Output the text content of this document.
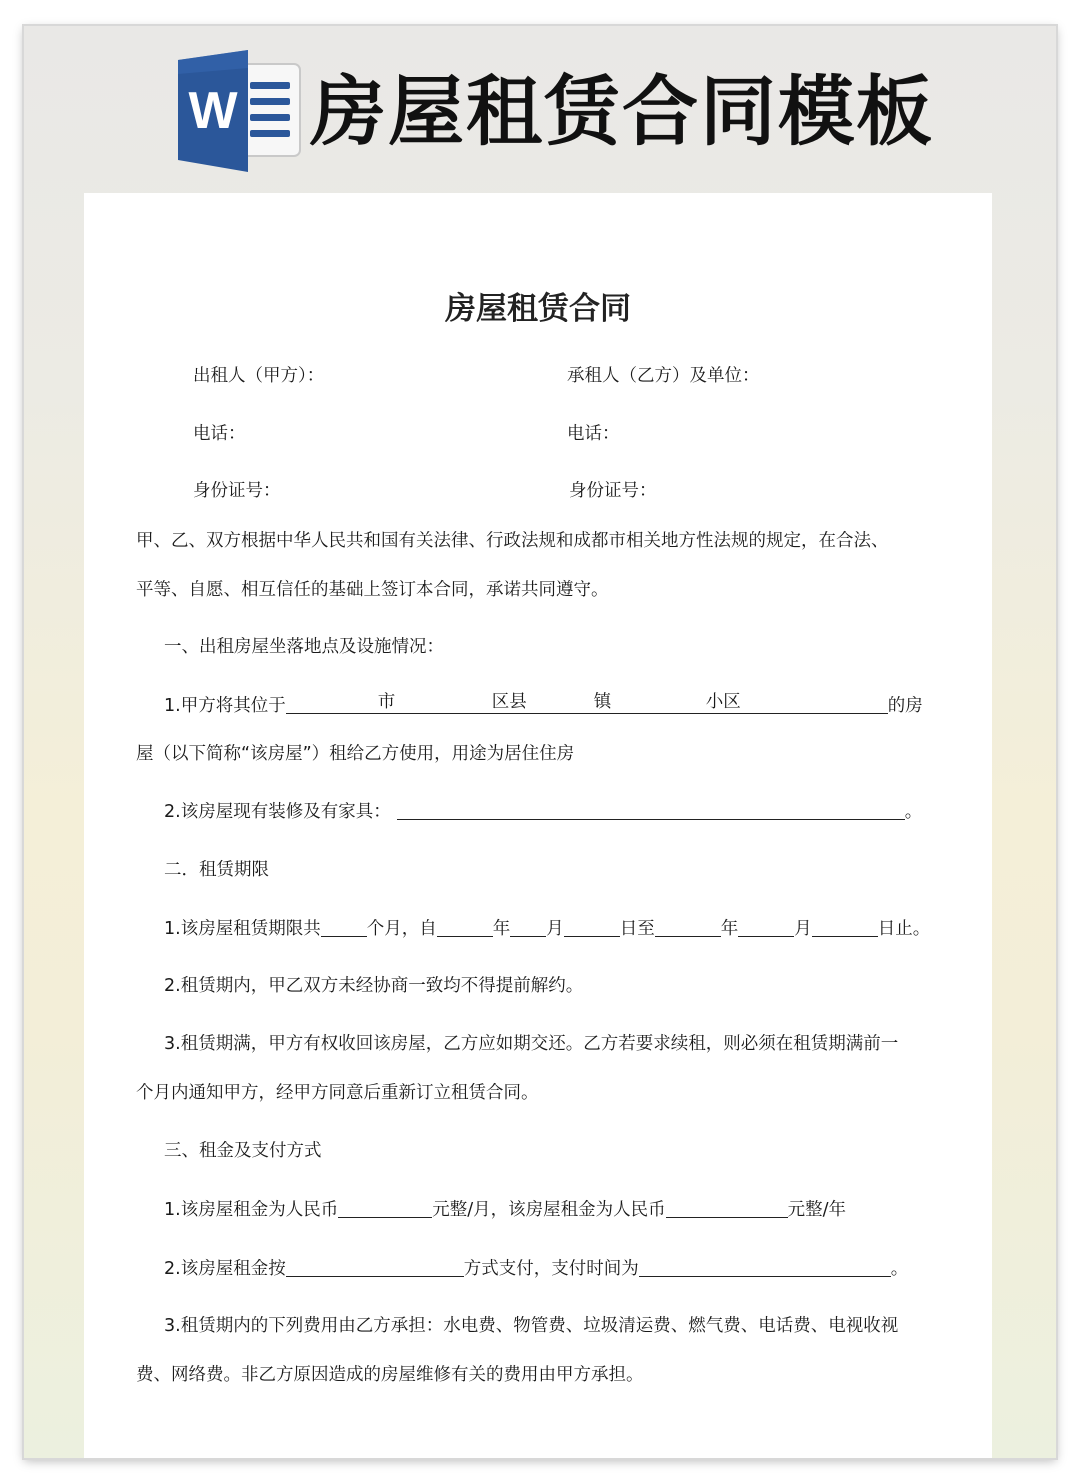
W 房屋租赁合同模板
房屋租赁合同
出租人（甲方）：	承租人（乙方）及单位：
电话：	电话：
身份证号：	身份证号：
甲、乙、双方根据中华人民共和国有关法律、行政法规和成都市相关地方性法规的规定，在合法、
平等、自愿、相互信任的基础上签订本合同，承诺共同遵守。
一、出租房屋坐落地点及设施情况：
1.甲方将其位于	市	区县	镇	小区	的房
屋（以下简称“该房屋”）租给乙方使用，用途为居住住房
2.该房屋现有装修及有家具：	。
二．租赁期限
1.该房屋租赁期限共	个月，自	年 月	日至	年	月	日止。
2.租赁期内，甲乙双方未经协商一致均不得提前解约。
3.租赁期满，甲方有权收回该房屋，乙方应如期交还。乙方若要求续租，则必须在租赁期满前一
个月内通知甲方，经甲方同意后重新订立租赁合同。
三、租金及支付方式
1.该房屋租金为人民币	元整/月，该房屋租金为人民币	元整/年
2.该房屋租金按	方式支付，支付时间为	。
3.租赁期内的下列费用由乙方承担：水电费、物管费、垃圾清运费、燃气费、电话费、电视收视
费、网络费。非乙方原因造成的房屋维修有关的费用由甲方承担。
